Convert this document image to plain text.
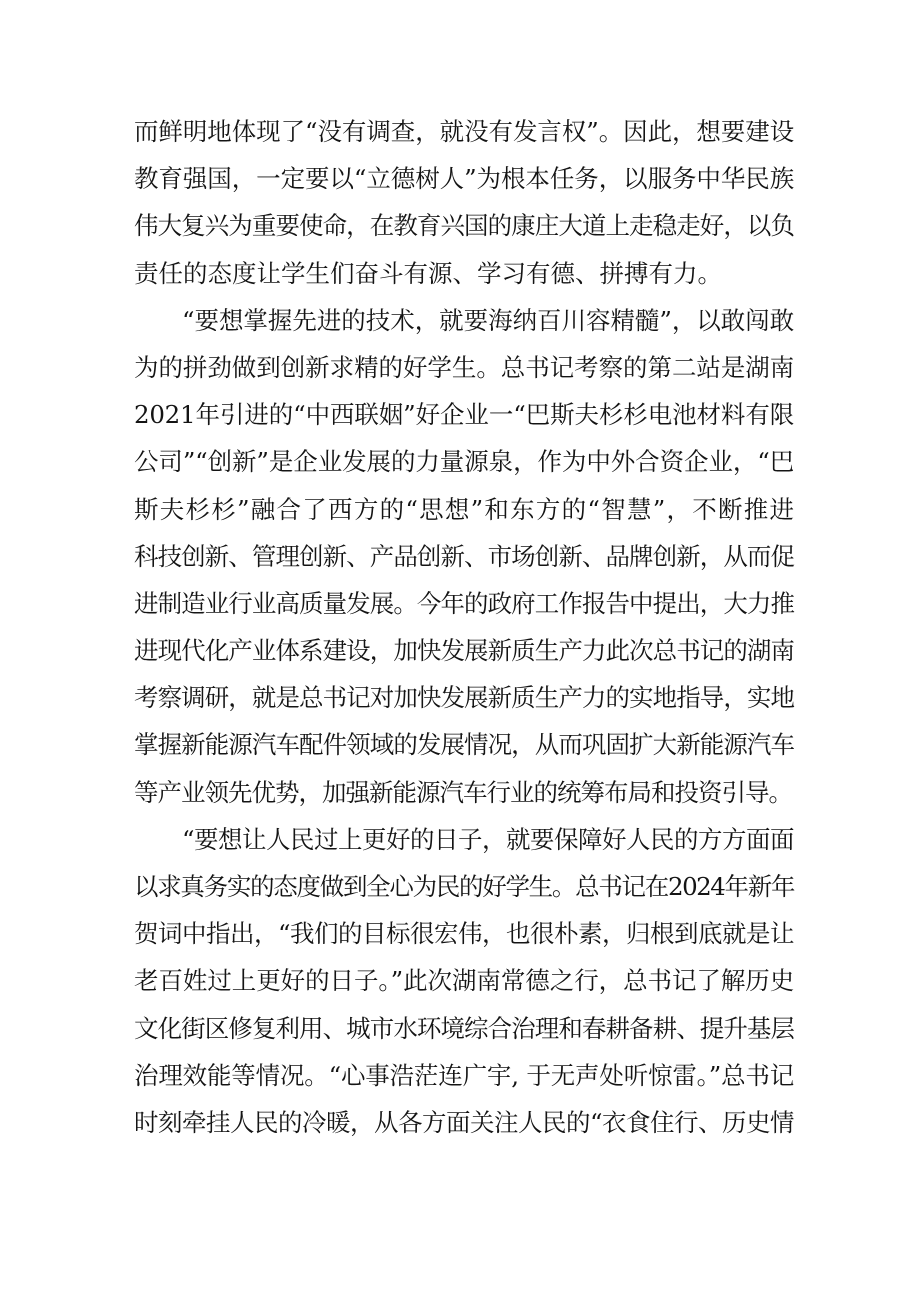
而鲜明地体现了“没有调查，就没有发言权”。因此，想要建设
教育强国，一定要以“立德树人”为根本任务，以服务中华民族
伟大复兴为重要使命，在教育兴国的康庄大道上走稳走好，以负
责任的态度让学生们奋斗有源、学习有德、拼搏有力。
“要想掌握先进的技术，就要海纳百川容精髓”，以敢闯敢
为的拼劲做到创新求精的好学生。总书记考察的第二站是湖南
2021年引进的“中西联姻”好企业一“巴斯夫杉杉电池材料有限
公司”“创新”是企业发展的力量源泉，作为中外合资企业，“巴
斯夫杉杉”融合了西方的“思想”和东方的“智慧”，不断推进
科技创新、管理创新、产品创新、市场创新、品牌创新，从而促
进制造业行业高质量发展。今年的政府工作报告中提出，大力推
进现代化产业体系建设，加快发展新质生产力此次总书记的湖南
考察调研，就是总书记对加快发展新质生产力的实地指导，实地
掌握新能源汽车配件领域的发展情况，从而巩固扩大新能源汽车
等产业领先优势，加强新能源汽车行业的统筹布局和投资引导。
“要想让人民过上更好的日子，就要保障好人民的方方面面
以求真务实的态度做到全心为民的好学生。总书记在2024年新年
贺词中指出，“我们的目标很宏伟，也很朴素，归根到底就是让
老百姓过上更好的日子。”此次湖南常德之行，总书记了解历史
文化街区修复利用、城市水环境综合治理和春耕备耕、提升基层
治理效能等情况。“心事浩茫连广宇, 于无声处听惊雷。”总书记
时刻牵挂人民的冷暖，从各方面关注人民的“衣食住行、历史情
